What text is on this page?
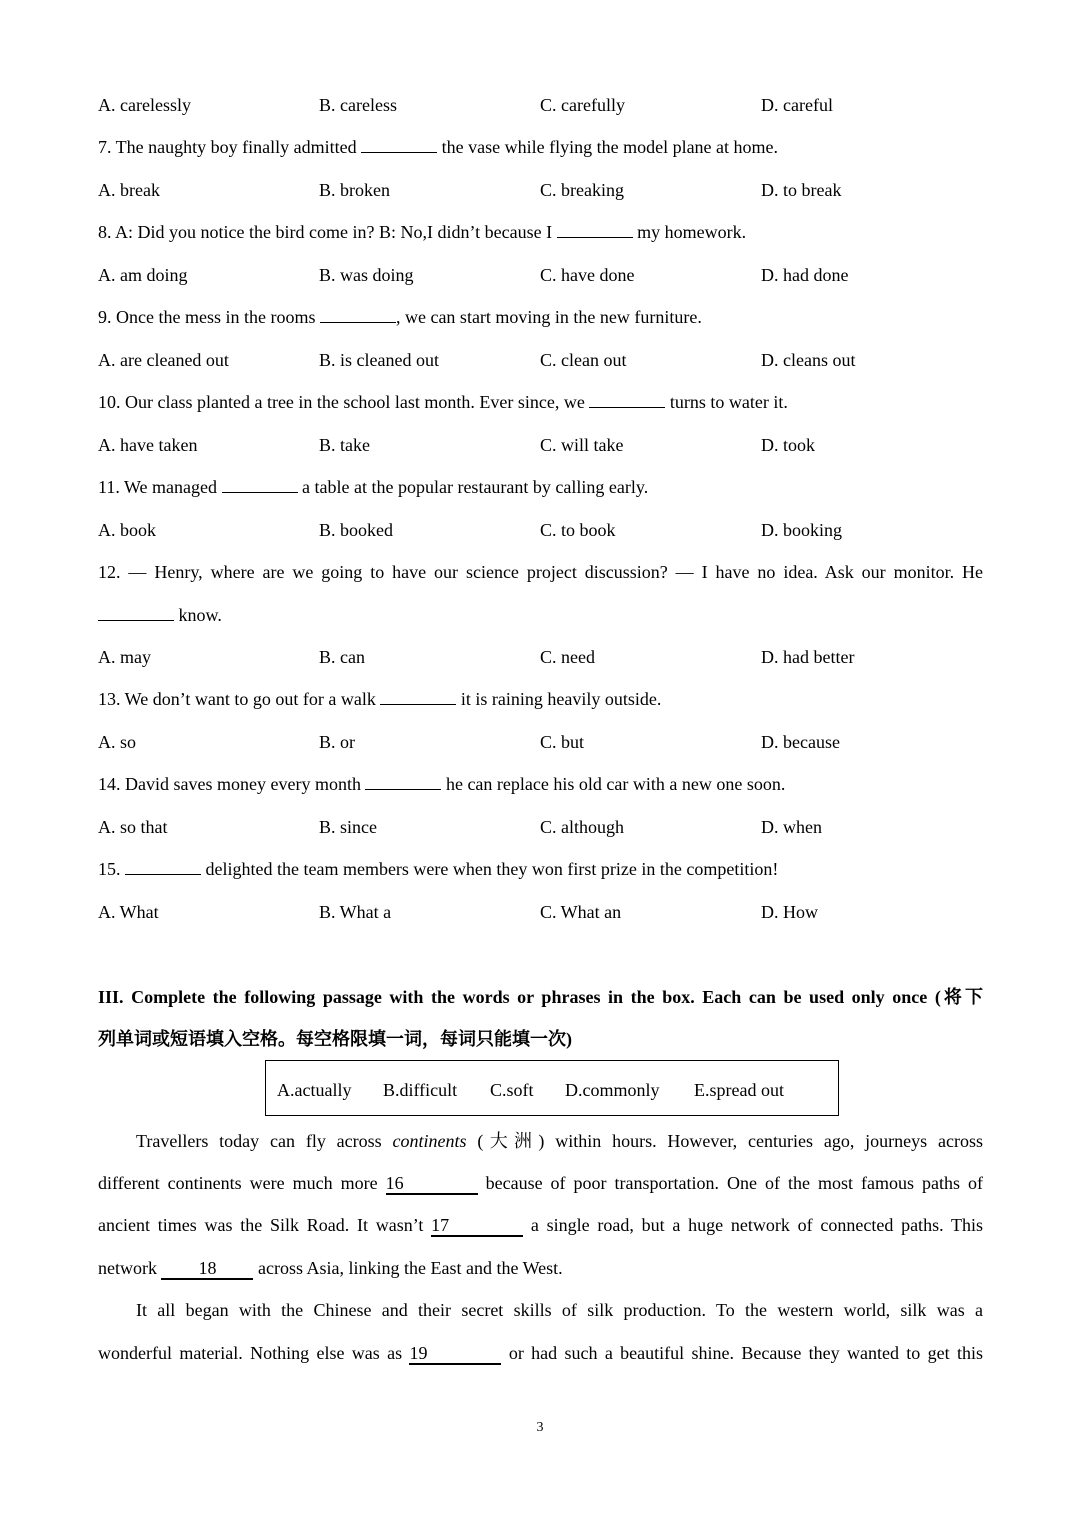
A. carelessly	B. careless	C. carefully	D. careful
7. The naughty boy finally admitted	the vase while flying the model plane at home.
A. break	B. broken	C. breaking	D. to break
8. A: Did you notice the bird come in? B: No,I didn’t because I	my homework.
A. am doing	B. was doing	C. have done	D. had done
9. Once the mess in the rooms	, we can start moving in the new furniture.
A. are cleaned out	B. is cleaned out	C. clean out	D. cleans out
10. Our class planted a tree in the school last month. Ever since, we	turns to water it.
A. have taken	B. take	C. will take	D. took
11. We managed	a table at the popular restaurant by calling early.
A. book	B. booked	C. to book	D. booking
12. — Henry, where are we going to have our science project discussion? — I have no idea. Ask our monitor. He
know.
A. may	B. can	C. need	D. had better
13. We don’t want to go out for a walk	it is raining heavily outside.
A. so	B. or	C. but	D. because
14. David saves money every month	he can replace his old car with a new one soon.
A. so that	B. since	C. although	D. when
15.	delighted the team members were when they won first prize in the competition!
A. What	B. What a	C. What an	D. How
III. Complete the following passage with the words or phrases in the box. Each can be used only once (将下
列单词或短语填入空格。每空格限填一词，每词只能填一次)
A.actually B.difficult C.soft D.commonly E.spread out
Travellers today can fly across continents (大洲) within hours. However, centuries ago, journeys across
different continents were much more 16	because of poor transportation. One of the most famous paths of
ancient times was the Silk Road. It wasn’t 17	a single road, but a huge network of connected paths. This
network 18 across Asia, linking the East and the West.
It all began with the Chinese and their secret skills of silk production. To the western world, silk was a
wonderful material. Nothing else was as 19	or had such a beautiful shine. Because they wanted to get this
3
